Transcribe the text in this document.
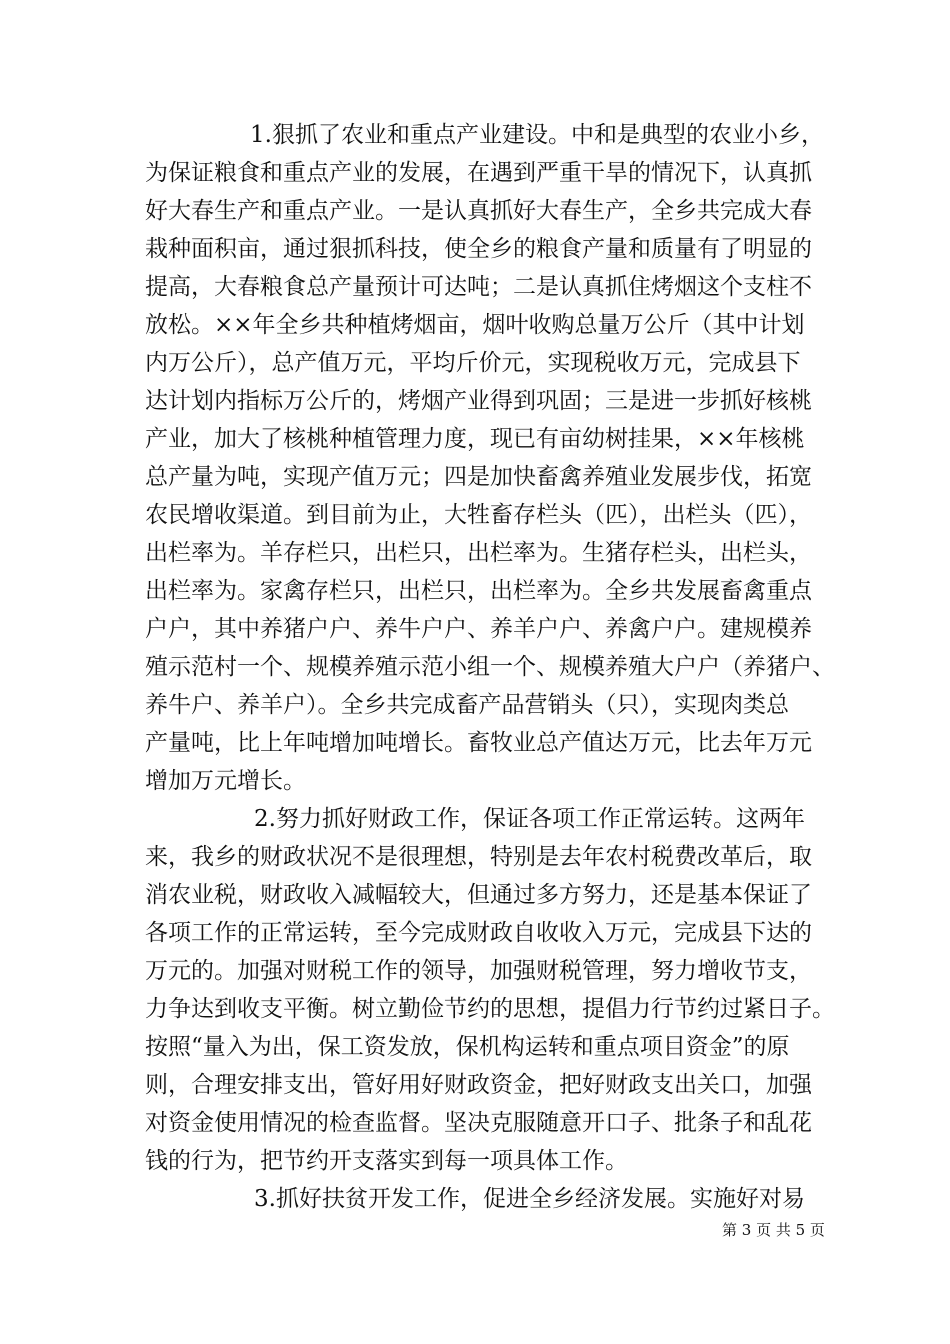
1.狠抓了农业和重点产业建设。中和是典型的农业小乡，
为保证粮食和重点产业的发展，在遇到严重干旱的情况下，认真抓
好大春生产和重点产业。一是认真抓好大春生产，全乡共完成大春
栽种面积亩，通过狠抓科技，使全乡的粮食产量和质量有了明显的
提高，大春粮食总产量预计可达吨；二是认真抓住烤烟这个支柱不
放松。××年全乡共种植烤烟亩，烟叶收购总量万公斤（其中计划
内万公斤），总产值万元，平均斤价元，实现税收万元，完成县下
达计划内指标万公斤的，烤烟产业得到巩固；三是进一步抓好核桃
产业，加大了核桃种植管理力度，现已有亩幼树挂果，××年核桃
总产量为吨，实现产值万元；四是加快畜禽养殖业发展步伐，拓宽
农民增收渠道。到目前为止，大牲畜存栏头（匹），出栏头（匹），
出栏率为。羊存栏只，出栏只，出栏率为。生猪存栏头，出栏头，
出栏率为。家禽存栏只，出栏只，出栏率为。全乡共发展畜禽重点
户户，其中养猪户户、养牛户户、养羊户户、养禽户户。建规模养
殖示范村一个、规模养殖示范小组一个、规模养殖大户户（养猪户、
养牛户、养羊户）。全乡共完成畜产品营销头（只），实现肉类总
产量吨，比上年吨增加吨增长。畜牧业总产值达万元，比去年万元
增加万元增长。
2.努力抓好财政工作，保证各项工作正常运转。这两年
来，我乡的财政状况不是很理想，特别是去年农村税费改革后，取
消农业税，财政收入减幅较大，但通过多方努力，还是基本保证了
各项工作的正常运转，至今完成财政自收收入万元，完成县下达的
万元的。加强对财税工作的领导，加强财税管理，努力增收节支，
力争达到收支平衡。树立勤俭节约的思想，提倡力行节约过紧日子。
按照“量入为出，保工资发放，保机构运转和重点项目资金”的原
则，合理安排支出，管好用好财政资金，把好财政支出关口，加强
对资金使用情况的检查监督。坚决克服随意开口子、批条子和乱花
钱的行为，把节约开支落实到每一项具体工作。
3.抓好扶贫开发工作，促进全乡经济发展。实施好对易
第 3 页 共 5 页
